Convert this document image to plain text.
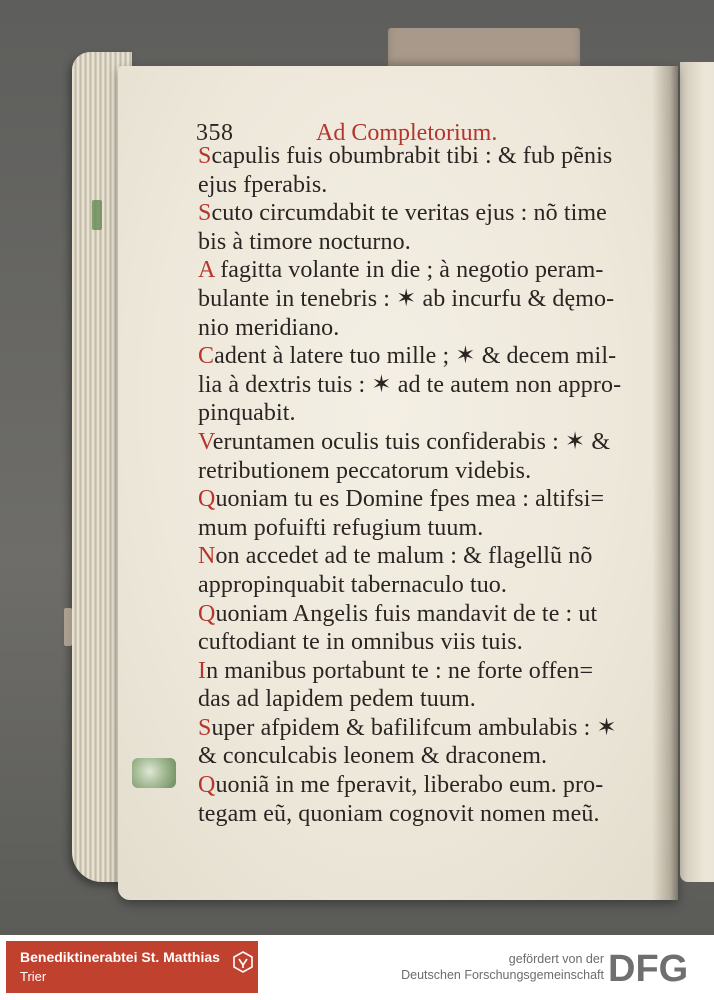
358	Ad Completorium.
Scapulis fuis obumbrabit tibi : & fub pẽnis
ejus fperabis.
Scuto circumdabit te veritas ejus : nõ time
bis à timore nocturno.
A fagitta volante in die ; à negotio peram-
bulante in tenebris : ✶ ab incurfu & dęmo-
nio meridiano.
Cadent à latere tuo mille ; ✶ & decem mil-
lia à dextris tuis : ✶ ad te autem non appro-
pinquabit.
Veruntamen oculis tuis confiderabis : ✶ &
retributionem peccatorum videbis.
Quoniam tu es Domine fpes mea : altifsi=
mum pofuifti refugium tuum.
Non accedet ad te malum : & flagellũ nõ
appropinquabit tabernaculo tuo.
Quoniam Angelis fuis mandavit de te : ut
cuftodiant te in omnibus viis tuis.
In manibus portabunt te : ne forte offen=
das ad lapidem pedem tuum.
Super afpidem & bafilifcum ambulabis : ✶
& conculcabis leonem & draconem.
Quoniã in me fperavit, liberabo eum. pro-
tegam eũ, quoniam cognovit nomen meũ.
Benediktinerabtei St. Matthias
Trier
gefördert von der
Deutschen Forschungsgemeinschaft DFG
